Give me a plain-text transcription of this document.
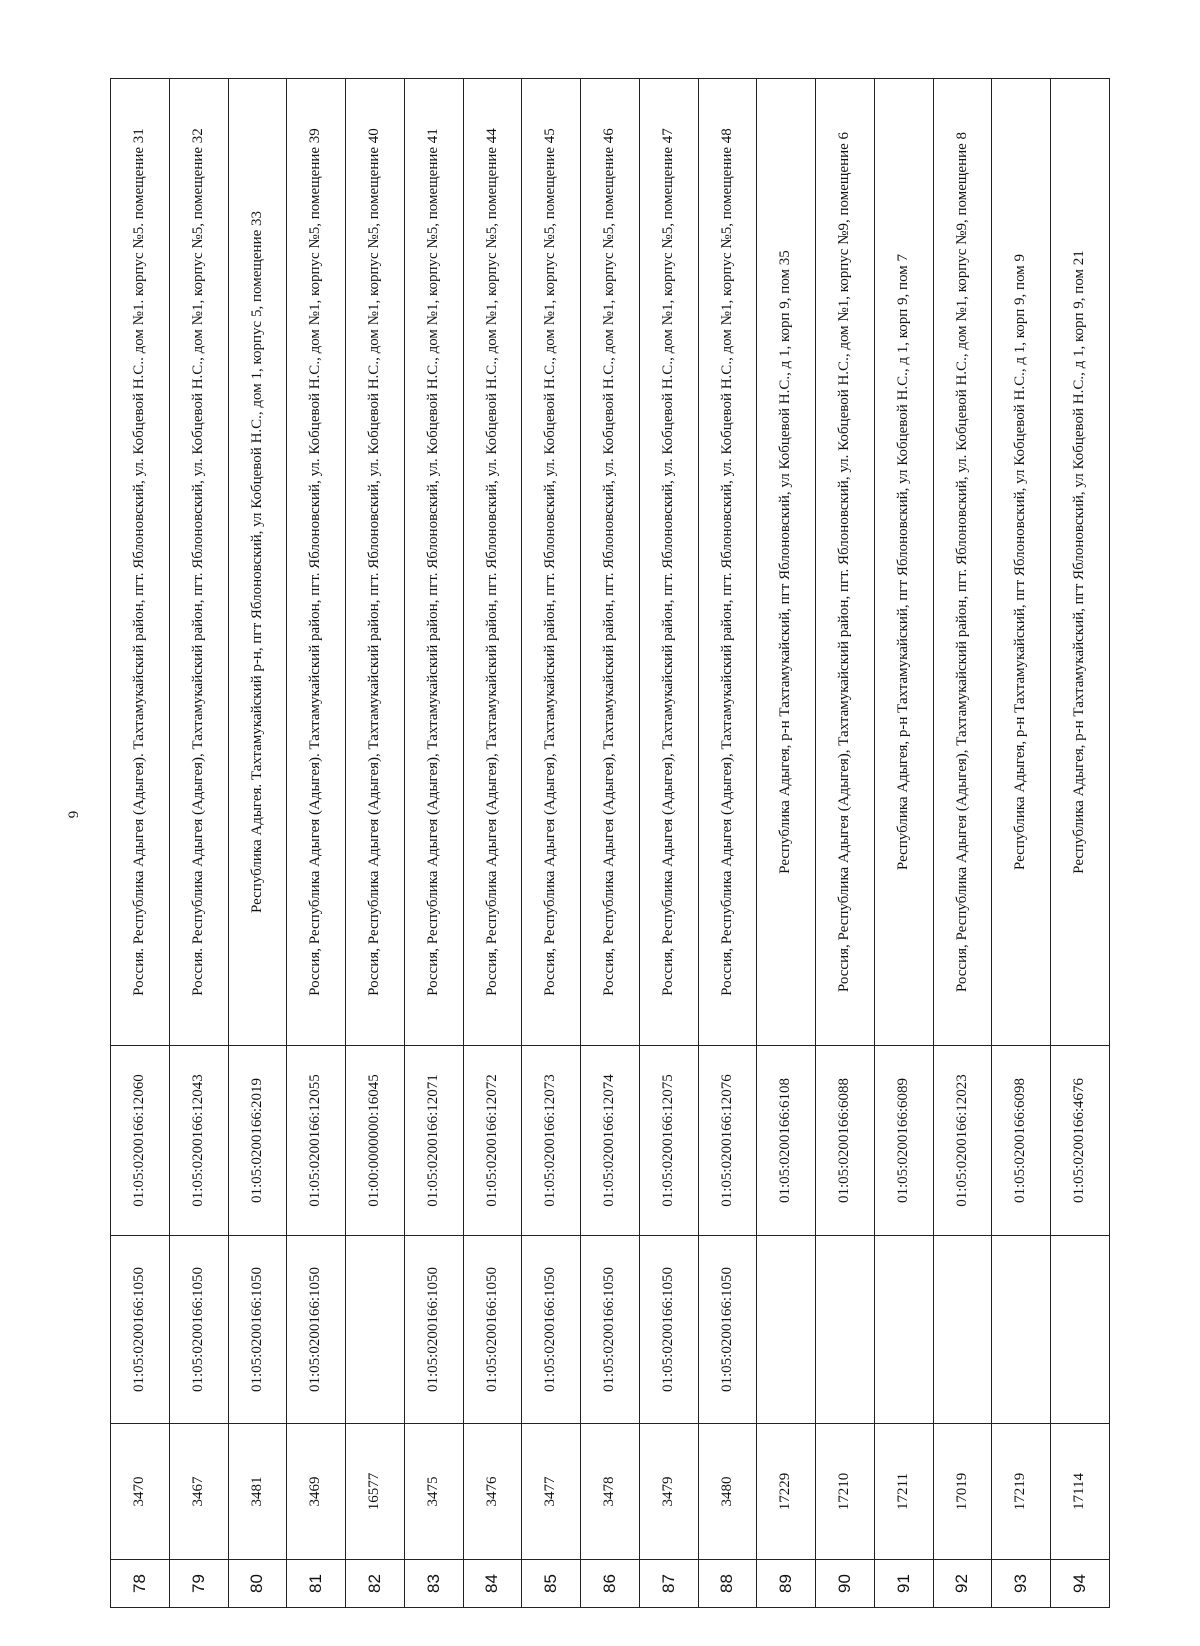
6
78	3470	01:05:0200166:1050	01:05:0200166:12060	Россия. Республика Адыгея (Адыгея). Тахтамукайский район, пгт. Яблоновский, ул. Кобцевой Н.С.. дом №1. корпус №5. помещение 31
79	3467	01:05:0200166:1050	01:05:0200166:12043	Россия. Республика Адыгея (Адыгея), Тахтамукайский район, пгт. Яблоновский, ул. Кобцевой Н.С., дом №1, корпус №5, помещение 32
80	3481	01:05:0200166:1050	01:05:0200166:2019	Республика Адыгея. Тахтамукайский р-н, пгт Яблоновский, ул Кобцевой Н.С., дом 1, корпус 5, помещение 33
81	3469	01:05:0200166:1050	01:05:0200166:12055	Россия, Республика Адыгея (Адыгея). Тахтамукайский район, пгт. Яблоновский, ул. Кобцевой Н.С., дом №1, корпус №5, помещение 39
82	16577		01:00:0000000:16045	Россия, Республика Адыгея (Адыгея), Тахтамукайский район, пгт. Яблоновский, ул. Кобцевой Н.С., дом №1, корпус №5, помещение 40
83	3475	01:05:0200166:1050	01:05:0200166:12071	Россия, Республика Адыгея (Адыгея), Тахтамукайский район, пгт. Яблоновский, ул. Кобцевой Н.С., дом №1, корпус №5, помещение 41
84	3476	01:05:0200166:1050	01:05:0200166:12072	Россия, Республика Адыгея (Адыгея), Тахтамукайский район, пгт. Яблоновский, ул. Кобцевой Н.С., дом №1, корпус №5, помещение 44
85	3477	01:05:0200166:1050	01:05:0200166:12073	Россия, Республика Адыгея (Адыгея), Тахтамукайский район, пгт. Яблоновский, ул. Кобцевой Н.С., дом №1, корпус №5, помещение 45
86	3478	01:05:0200166:1050	01:05:0200166:12074	Россия, Республика Адыгея (Адыгея), Тахтамукайский район, пгт. Яблоновский, ул. Кобцевой Н.С., дом №1, корпус №5, помещение 46
87	3479	01:05:0200166:1050	01:05:0200166:12075	Россия, Республика Адыгея (Адыгея), Тахтамукайский район, пгт. Яблоновский, ул. Кобцевой Н.С., дом №1, корпус №5, помещение 47
88	3480	01:05:0200166:1050	01:05:0200166:12076	Россия, Республика Адыгея (Адыгея), Тахтамукайский район, пгт. Яблоновский, ул. Кобцевой Н.С., дом №1, корпус №5, помещение 48
89	17229		01:05:0200166:6108	Республика Адыгея, р-н Тахтамукайский, пгт Яблоновский, ул Кобцевой Н.С., д 1, корп 9, пом 35
90	17210		01:05:0200166:6088	Россия, Республика Адыгея (Адыгея), Тахтамукайский район, пгт. Яблоновский, ул. Кобцевой Н.С., дом №1, корпус №9, помещение 6
91	17211		01:05:0200166:6089	Республика Адыгея, р-н Тахтамукайский, пгт Яблоновский, ул Кобцевой Н.С., д 1, корп 9, пом 7
92	17019		01:05:0200166:12023	Россия, Республика Адыгея (Адыгея), Тахтамукайский район, пгт. Яблоновский, ул. Кобцевой Н.С., дом №1, корпус №9, помещение 8
93	17219		01:05:0200166:6098	Республика Адыгея, р-н Тахтамукайский, пгт Яблоновский, ул Кобцевой Н.С., д 1, корп 9, пом 9
94	17114		01:05:0200166:4676	Республика Адыгея, р-н Тахтамукайский, пгт Яблоновский, ул Кобцевой Н.С., д 1, корп 9, пом 21
